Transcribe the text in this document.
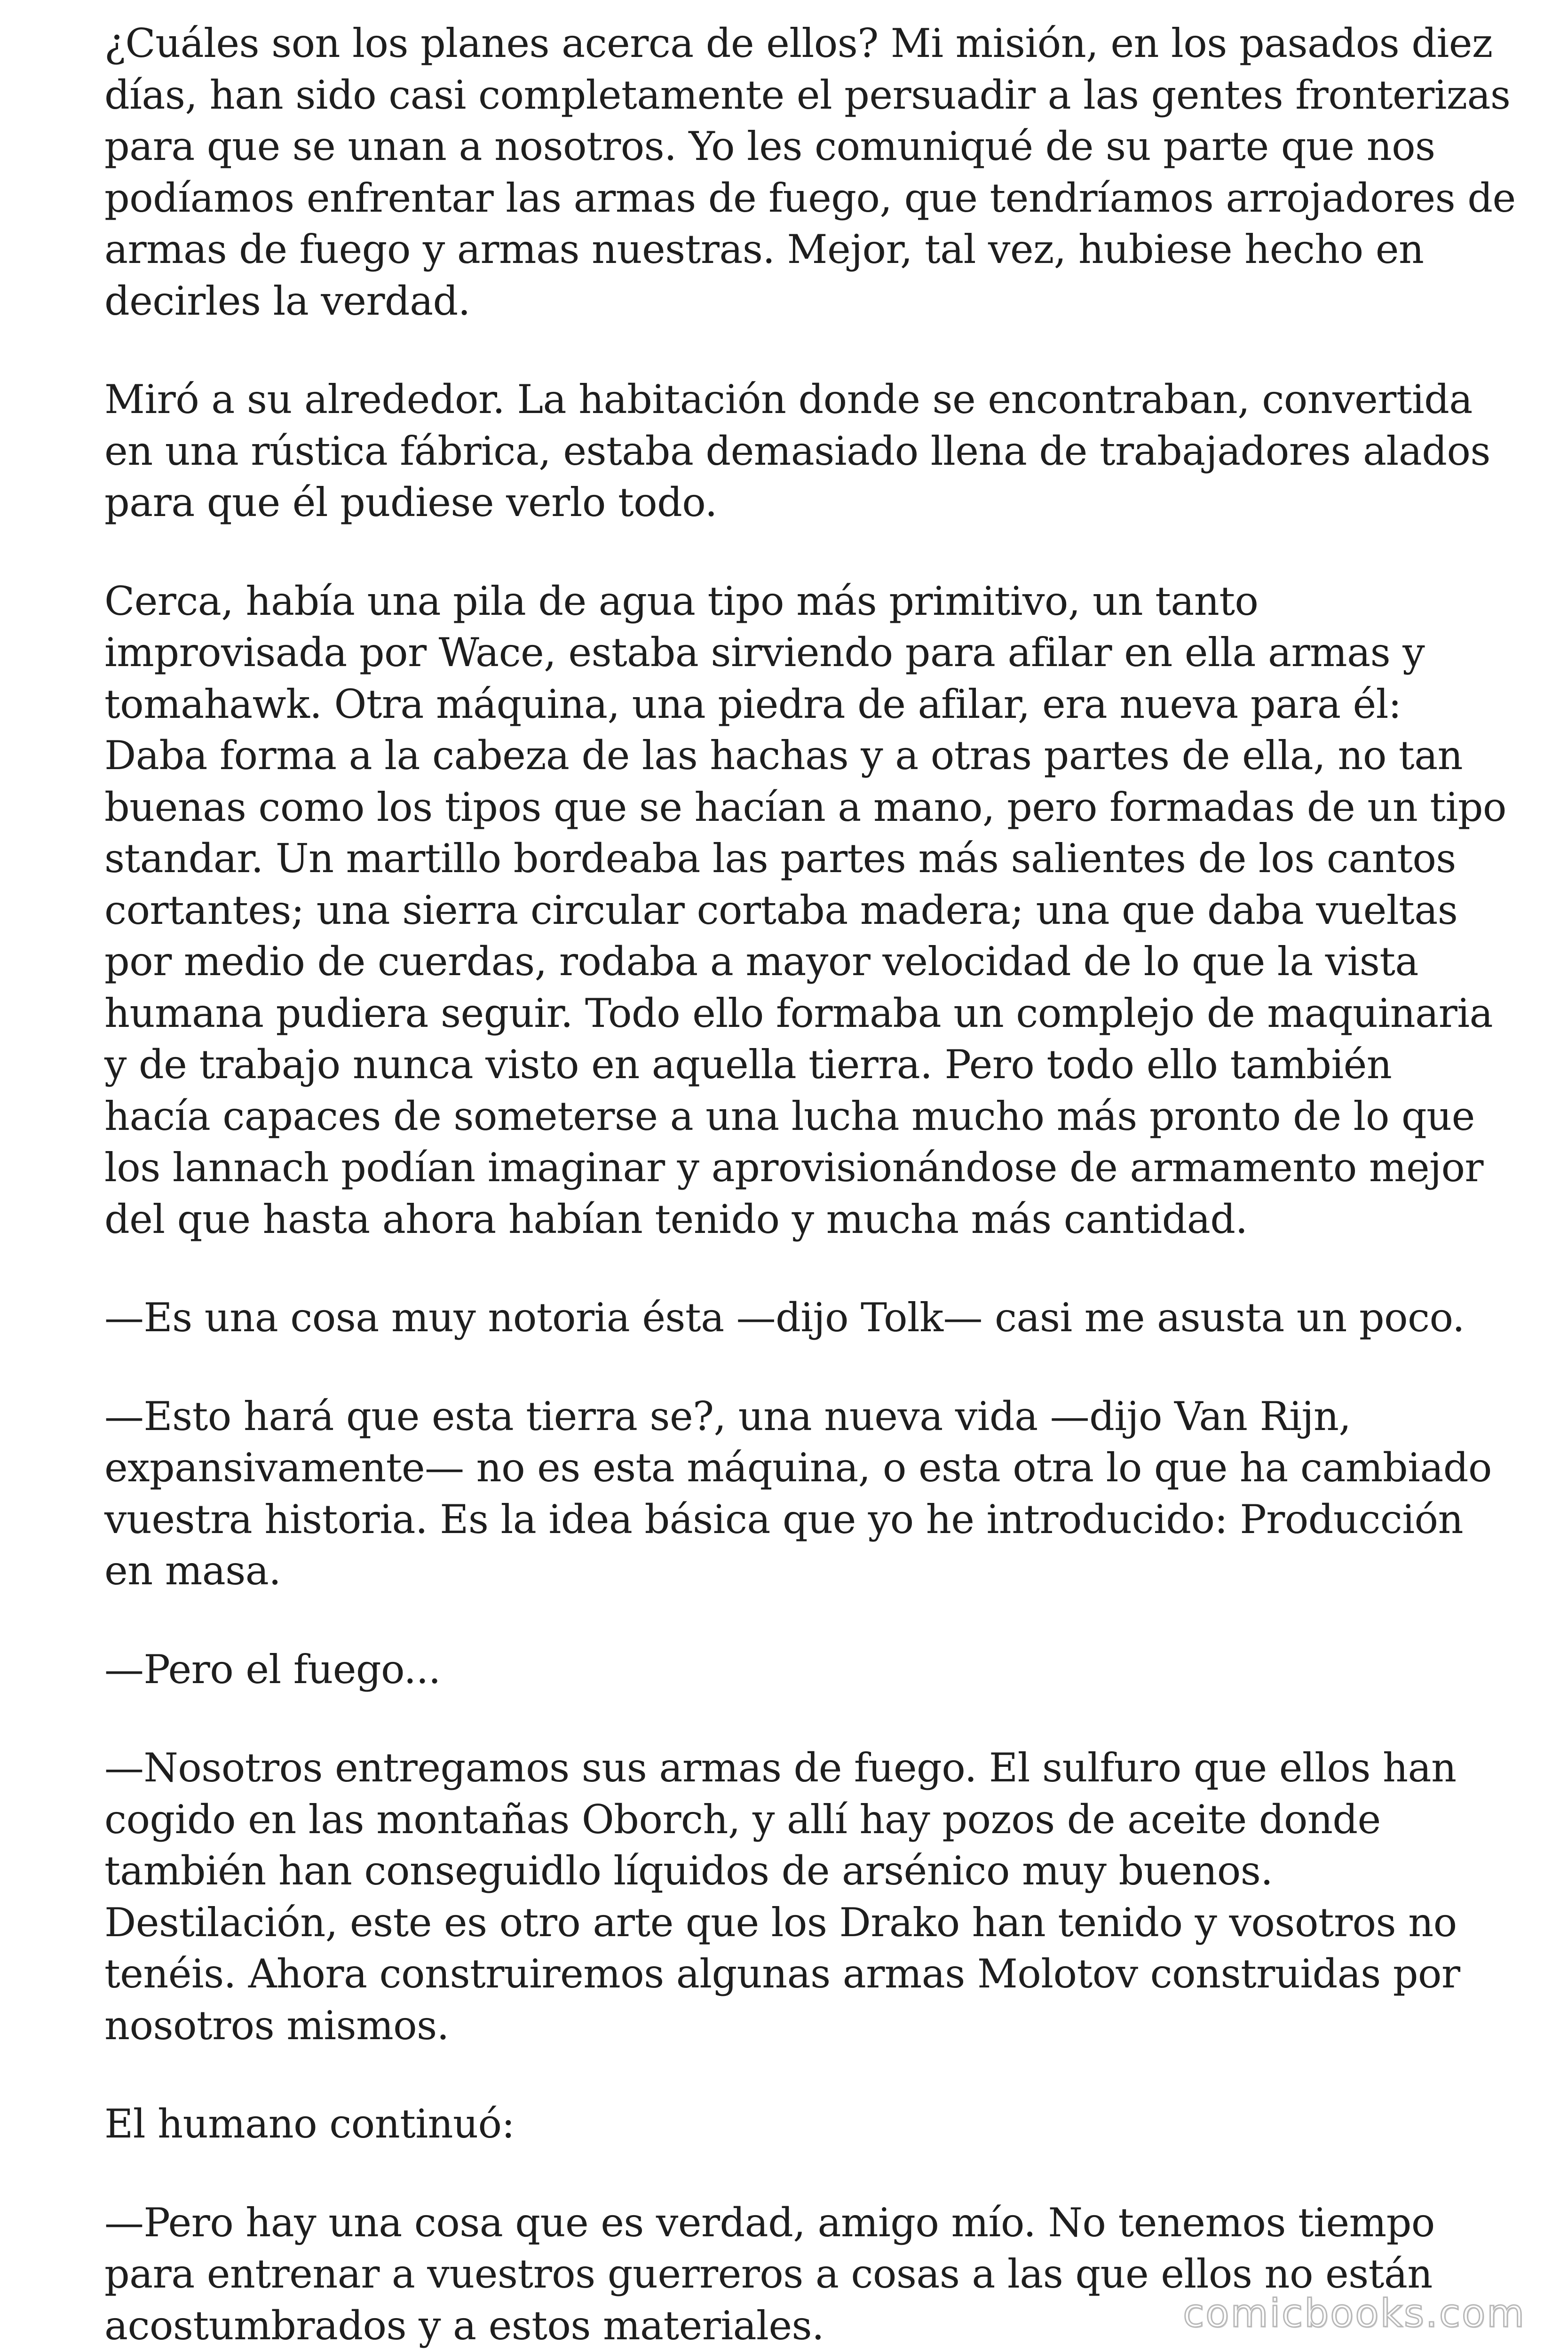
¿Cuáles son los planes acerca de ellos? Mi misión, en los pasados diez
días, han sido casi completamente el persuadir a las gentes fronterizas
para que se unan a nosotros. Yo les comuniqué de su parte que nos
podíamos enfrentar las armas de fuego, que tendríamos arrojadores de
armas de fuego y armas nuestras. Mejor, tal vez, hubiese hecho en
decirles la verdad.

Miró a su alrededor. La habitación donde se encontraban, convertida
en una rústica fábrica, estaba demasiado llena de trabajadores alados
para que él pudiese verlo todo.

Cerca, había una pila de agua tipo más primitivo, un tanto
improvisada por Wace, estaba sirviendo para afilar en ella armas y
tomahawk. Otra máquina, una piedra de afilar, era nueva para él:
Daba forma a la cabeza de las hachas y a otras partes de ella, no tan
buenas como los tipos que se hacían a mano, pero formadas de un tipo
standar. Un martillo bordeaba las partes más salientes de los cantos
cortantes; una sierra circular cortaba madera; una que daba vueltas
por medio de cuerdas, rodaba a mayor velocidad de lo que la vista
humana pudiera seguir. Todo ello formaba un complejo de maquinaria
y de trabajo nunca visto en aquella tierra. Pero todo ello también
hacía capaces de someterse a una lucha mucho más pronto de lo que
los lannach podían imaginar y aprovisionándose de armamento mejor
del que hasta ahora habían tenido y mucha más cantidad.

—Es una cosa muy notoria ésta —dijo Tolk— casi me asusta un poco.

—Esto hará que esta tierra se?, una nueva vida —dijo Van Rijn,
expansivamente— no es esta máquina, o esta otra lo que ha cambiado
vuestra historia. Es la idea básica que yo he introducido: Producción
en masa.

—Pero el fuego...

—Nosotros entregamos sus armas de fuego. El sulfuro que ellos han
cogido en las montañas Oborch, y allí hay pozos de aceite donde
también han conseguidlo líquidos de arsénico muy buenos.
Destilación, este es otro arte que los Drako han tenido y vosotros no
tenéis. Ahora construiremos algunas armas Molotov construidas por
nosotros mismos.

El humano continuó:

—Pero hay una cosa que es verdad, amigo mío. No tenemos tiempo
para entrenar a vuestros guerreros a cosas a las que ellos no están
acostumbrados y a estos materiales.	comicbooks.com
